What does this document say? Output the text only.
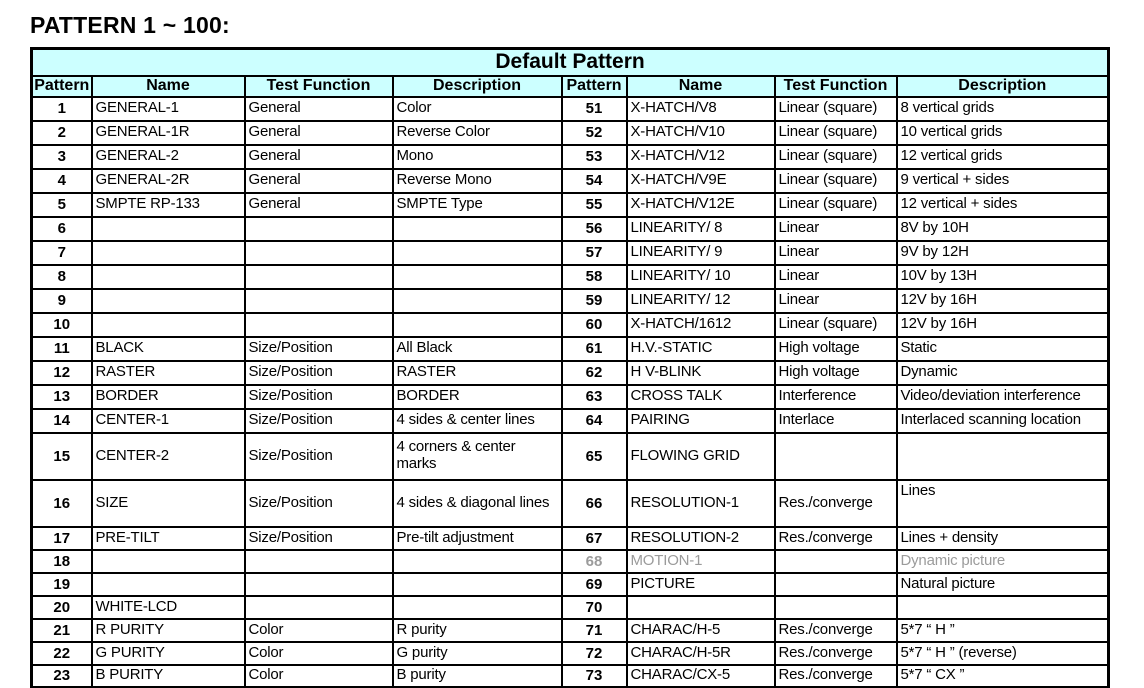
PATTERN 1 ~ 100:
Default Pattern							
Pattern	Name	Test Function	Description	Pattern	Name	Test Function	Description
1	GENERAL-1	General	Color	51	X-HATCH/V8	Linear (square)	8 vertical grids
2	GENERAL-1R	General	Reverse Color	52	X-HATCH/V10	Linear (square)	10 vertical grids
3	GENERAL-2	General	Mono	53	X-HATCH/V12	Linear (square)	12 vertical grids
4	GENERAL-2R	General	Reverse Mono	54	X-HATCH/V9E	Linear (square)	9 vertical + sides
5	SMPTE RP-133	General	SMPTE Type	55	X-HATCH/V12E	Linear (square)	12 vertical + sides
6				56	LINEARITY/ 8	Linear	8V by 10H
7				57	LINEARITY/ 9	Linear	9V by 12H
8				58	LINEARITY/ 10	Linear	10V by 13H
9				59	LINEARITY/ 12	Linear	12V by 16H
10				60	X-HATCH/1612	Linear (square)	12V by 16H
11	BLACK	Size/Position	All Black	61	H.V.-STATIC	High voltage	Static
12	RASTER	Size/Position	RASTER	62	H V-BLINK	High voltage	Dynamic
13	BORDER	Size/Position	BORDER	63	CROSS TALK	Interference	Video/deviation interference
14	CENTER-1	Size/Position	4 sides & center lines	64	PAIRING	Interlace	Interlaced scanning location
15	CENTER-2	Size/Position	4 corners & center marks	65	FLOWING GRID		
16	SIZE	Size/Position	4 sides & diagonal lines	66	RESOLUTION-1	Res./converge	Lines
17	PRE-TILT	Size/Position	Pre-tilt adjustment	67	RESOLUTION-2	Res./converge	Lines + density
18				68	MOTION-1		Dynamic picture
19				69	PICTURE		Natural picture
20	WHITE-LCD			70			
21	R PURITY	Color	R purity	71	CHARAC/H-5	Res./converge	5*7 “ H ”
22	G PURITY	Color	G purity	72	CHARAC/H-5R	Res./converge	5*7 “ H ” (reverse)
23	B PURITY	Color	B purity	73	CHARAC/CX-5	Res./converge	5*7 “ CX ”
